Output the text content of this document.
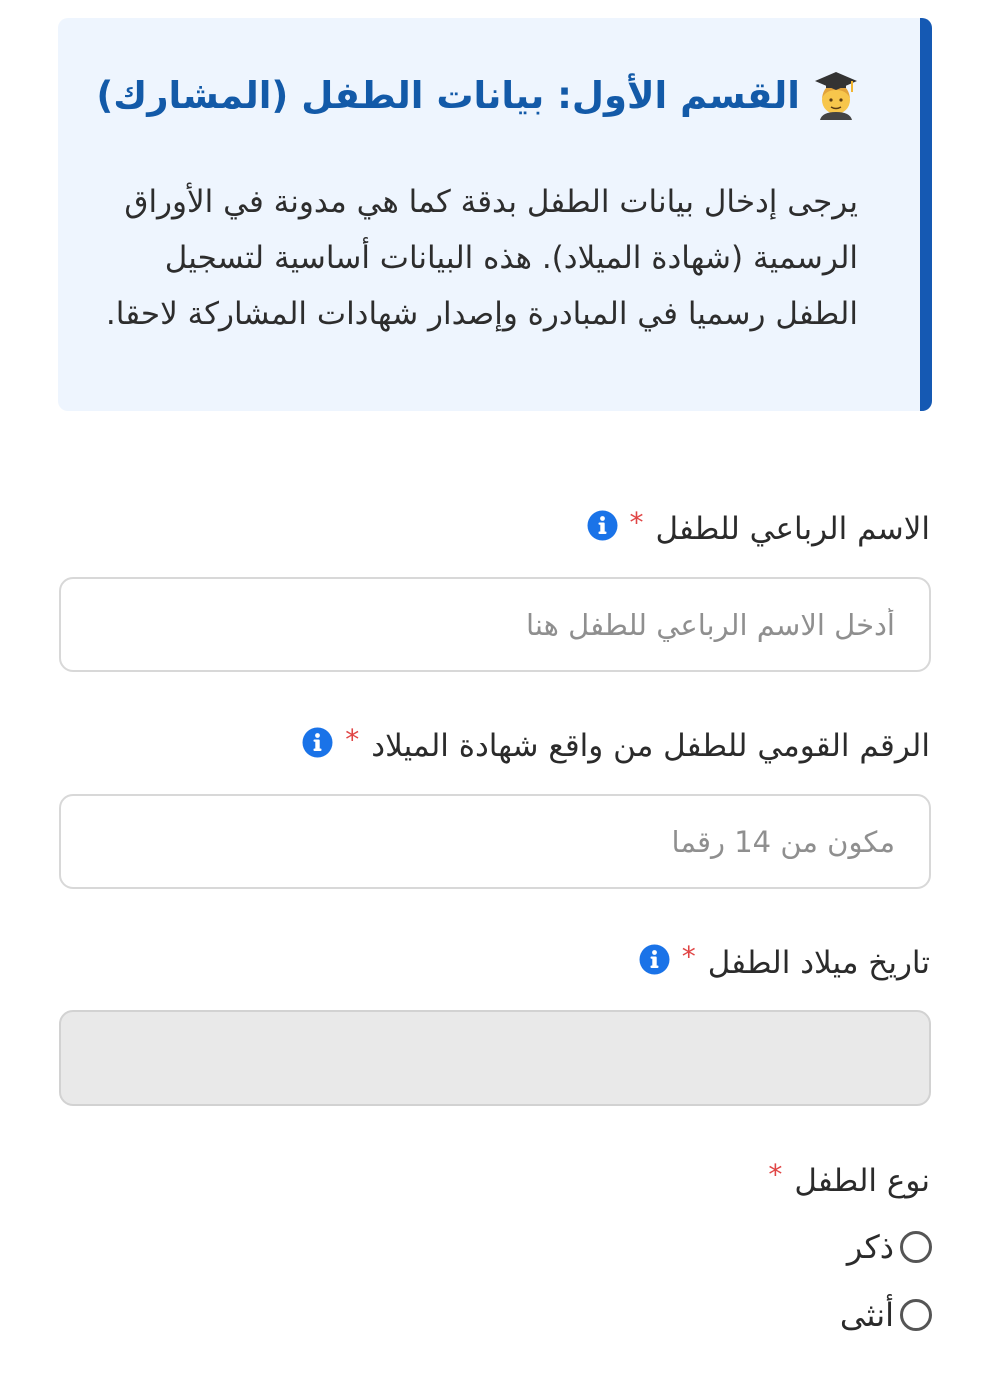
القسم الأول: بيانات الطفل (المشارك)

يرجى إدخال بيانات الطفل بدقة كما هي مدونة في الأوراق الرسمية (شهادة الميلاد). هذه البيانات أساسية لتسجيل الطفل رسميا في المبادرة وإصدار شهادات المشاركة لاحقا.

الاسم الرباعي للطفل
*
أدخل الاسم الرباعي للطفل هنا
الرقم القومي للطفل من واقع شهادة الميلاد
*
مكون من 14 رقما
تاريخ ميلاد الطفل
*
نوع الطفل
*
ذكر
أنثى
